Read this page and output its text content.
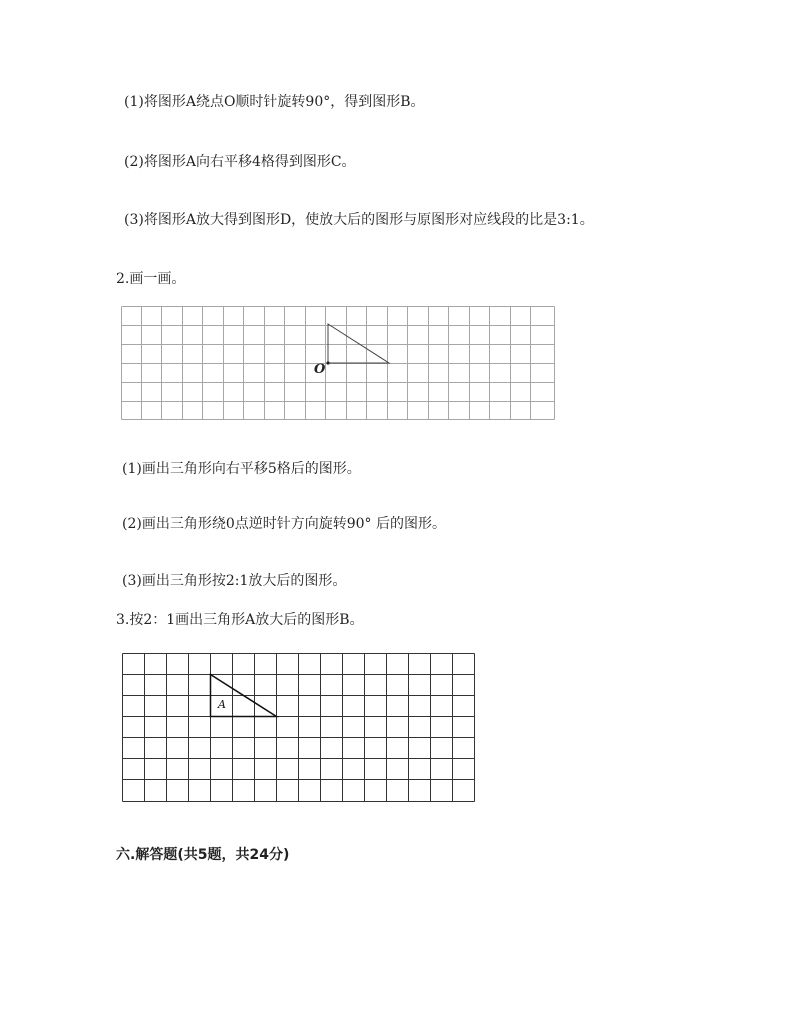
(1)将图形A绕点O顺时针旋转90°，得到图形B。
(2)将图形A向右平移4格得到图形C。
(3)将图形A放大得到图形D，使放大后的图形与原图形对应线段的比是3:1。
2.画一画。
O
(1)画出三角形向右平移5格后的图形。
(2)画出三角形绕0点逆时针方向旋转90° 后的图形。
(3)画出三角形按2:1放大后的图形。
3.按2：1画出三角形A放大后的图形B。
A
六.解答题(共5题，共24分)
